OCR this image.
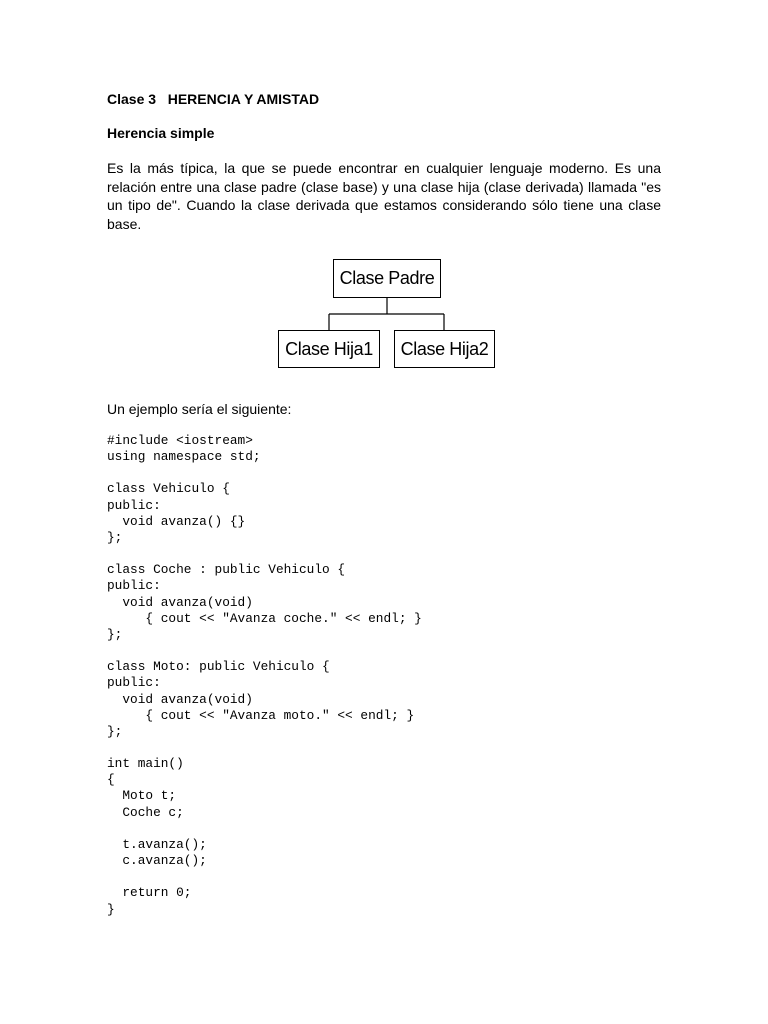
Clase 3   HERENCIA Y AMISTAD
Herencia simple

Es la más típica, la que se puede encontrar en cualquier lenguaje moderno. Es una relación entre una clase padre (clase base) y una clase hija (clase derivada) llamada "es un tipo de". Cuando la clase derivada que estamos considerando sólo tiene una clase base.

Clase Padre
Clase Hija1	Clase Hija2

Un ejemplo sería el siguiente:

#include <iostream>
using namespace std;

class Vehiculo {
public:
void avanza() {}
};

class Coche : public Vehiculo {
public:
void avanza(void)
{ cout << "Avanza coche." << endl; }
};

class Moto: public Vehiculo {
public:
void avanza(void)
{ cout << "Avanza moto." << endl; }
};

int main()
{
Moto t;
Coche c;

t.avanza();
c.avanza();

return 0;
}
